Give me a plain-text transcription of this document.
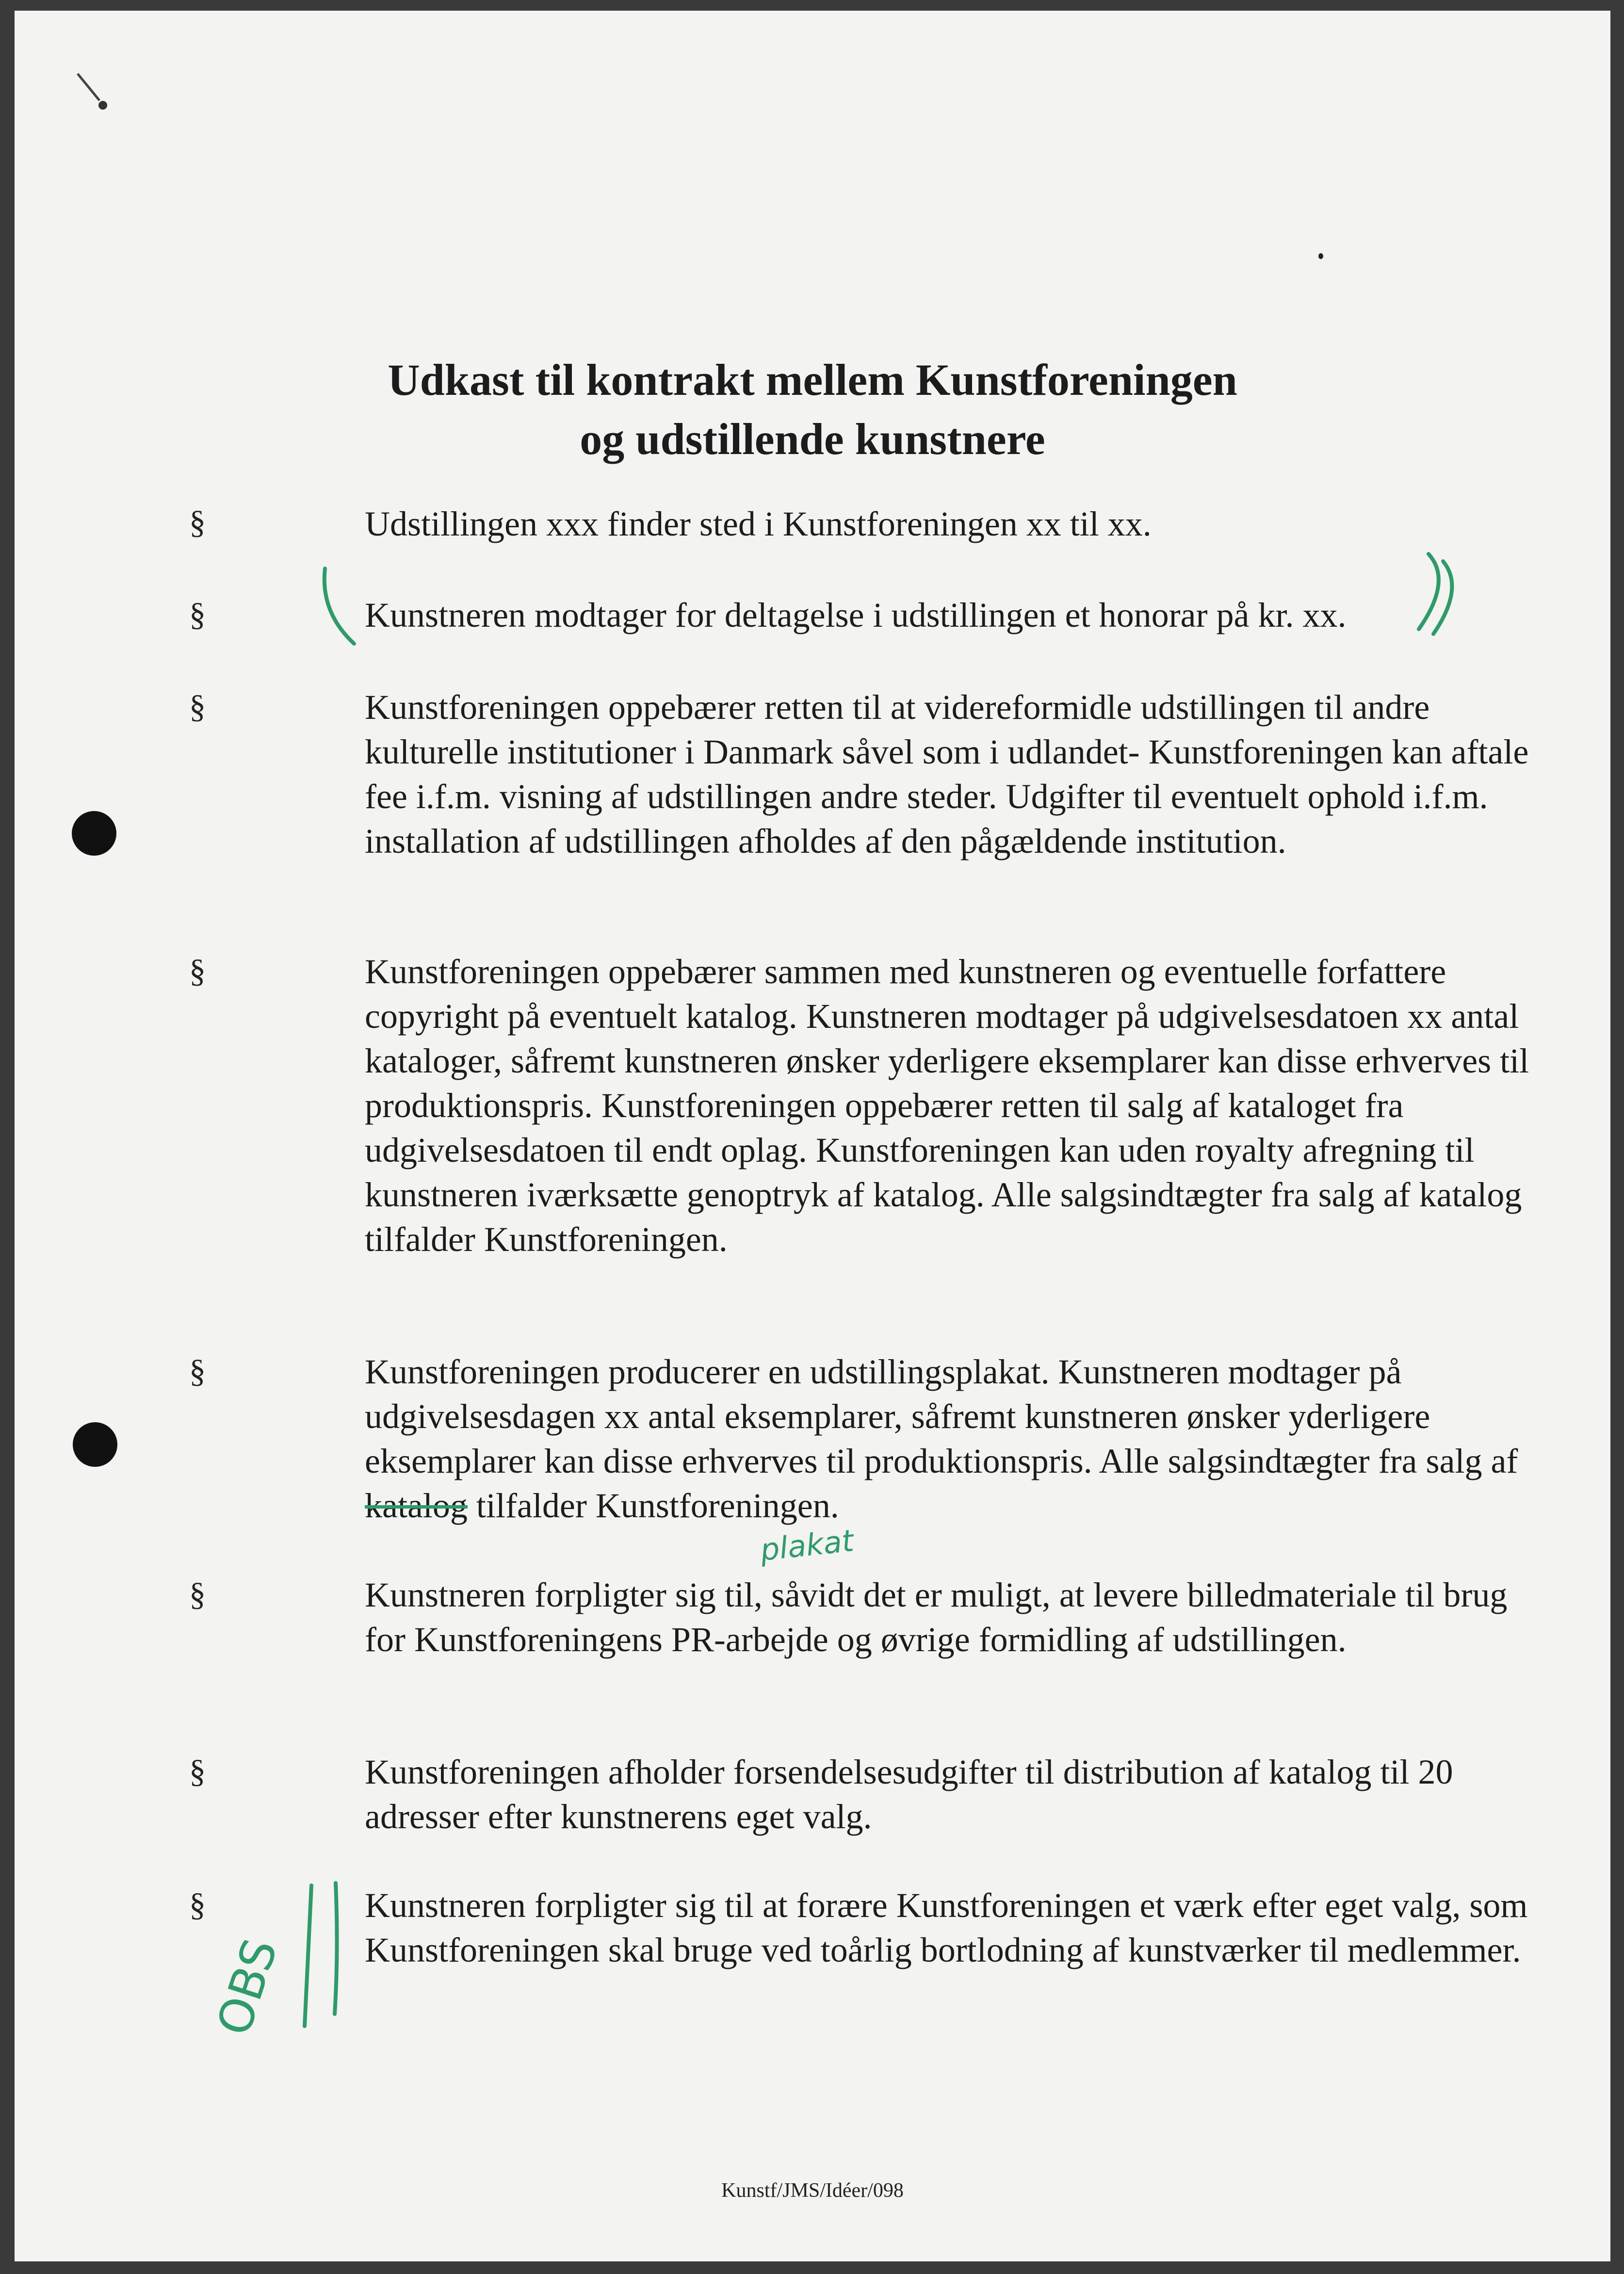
Udkast til kontrakt mellem Kunstforeningen
og udstillende kunstnere
§	Udstillingen xxx finder sted i Kunstforeningen xx til xx.
§	Kunstneren modtager for deltagelse i udstillingen et honorar på kr. xx.
§	Kunstforeningen oppebærer retten til at videreformidle udstillingen til andre kulturelle institutioner i Danmark såvel som i udlandet- Kunstforeningen kan aftale fee i.f.m. visning af udstillingen andre steder. Udgifter til eventuelt ophold i.f.m. installation af udstillingen afholdes af den pågældende institution.
§	Kunstforeningen oppebærer sammen med kunstneren og eventuelle forfattere copyright på eventuelt katalog. Kunstneren modtager på udgivelsesdatoen xx antal kataloger, såfremt kunstneren ønsker yderligere eksemplarer kan disse erhverves til produktionspris. Kunstforeningen oppebærer retten til salg af kataloget fra udgivelsesdatoen til endt oplag. Kunstforeningen kan uden royalty afregning til kunstneren iværksætte genoptryk af katalog. Alle salgsindtægter fra salg af katalog tilfalder Kunstforeningen.
§	Kunstforeningen producerer en udstillingsplakat. Kunstneren modtager på udgivelsesdagen xx antal eksemplarer, såfremt kunstneren ønsker yderligere eksemplarer kan disse erhverves til produktionspris. Alle salgsindtægter fra salg af katalog tilfalder Kunstforeningen.
§	Kunstneren forpligter sig til, såvidt det er muligt, at levere billedmateriale til brug for Kunstforeningens PR-arbejde og øvrige formidling af udstillingen.
§	Kunstforeningen afholder forsendelsesudgifter til distribution af katalog til 20 adresser efter kunstnerens eget valg.
§	Kunstneren forpligter sig til at forære Kunstforeningen et værk efter eget valg, som Kunstforeningen skal bruge ved toårlig bortlodning af kunstværker til medlemmer.
Kunstf/JMS/Idéer/098
plakat
OBS
